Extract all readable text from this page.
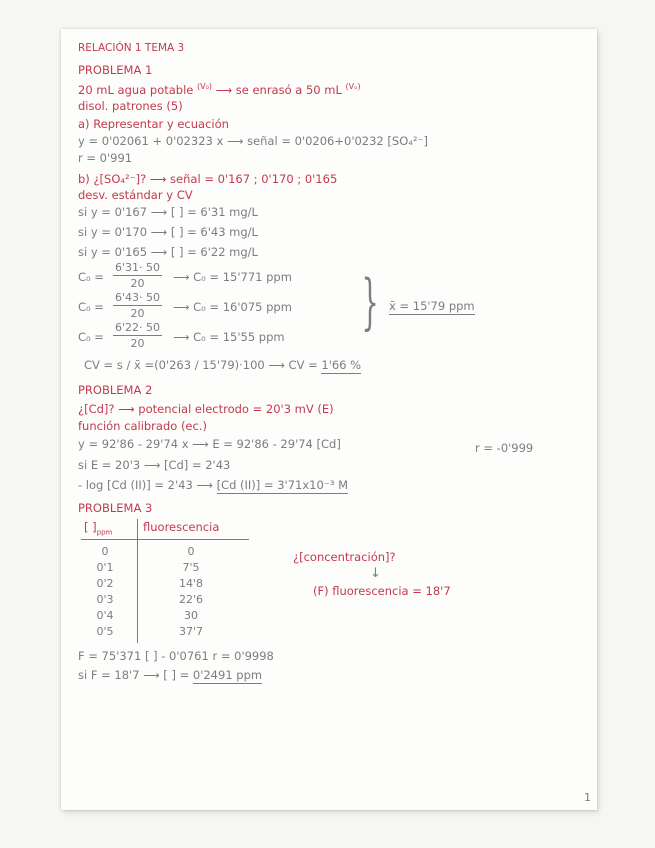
RELACIÓN 1 TEMA 3
PROBLEMA 1
20 mL agua potable $^{(V_0)}$ ⟶ se enrasó a 50 mL $^{(V_o)}$
disol. patrones (5)
a) Representar y ecuación
y = 0'02061 + 0'02323 x ⟶ señal = 0'0206+0'0232 [SO₄²⁻]
r = 0'991
b) ¿[SO₄²⁻]? ⟶ señal = 0'167 ; 0'170 ; 0'165
desv. estándar y CV
si y = 0'167 ⟶ [ ] = 6'31 mg/L
si y = 0'170 ⟶ [ ] = 6'43 mg/L
si y = 0'165 ⟶ [ ] = 6'22 mg/L
$C_0 = \frac{6'31\cdot 50}{20}$ ⟶ C₀ = 15'771 ppm
$C_0 = \frac{6'43\cdot 50}{20}$ ⟶ C₀ = 16'075 ppm
$C_0 = \frac{6'22\cdot 50}{20}$ ⟶ C₀ = 15'55 ppm } x̄ = 15'79 ppm
CV = s / x̄ =(0'263 / 15'79)·100 ⟶ CV = 1'66 %
PROBLEMA 2
¿[Cd]? ⟶ potencial electrodo = 20'3 mV (E)
función calibrado (ec.)
y = 92'86 - 29'74 x ⟶ E = 92'86 - 29'74 [Cd]	r = -0'999
si E = 20'3 ⟶ [Cd] = 2'43
- log [Cd (II)] = 2'43 ⟶ [Cd (II)] = 3'71x10⁻³ M
PROBLEMA 3
[ ]$_{ppm}$	fluorescencia
0	0
0'1	7'5
0'2	14'8
0'3	22'6
0'4	30
0'5	37'7
¿[concentración]?
↓
(F) fluorescencia = 18'7
F = 75'371 [ ] - 0'0761 r = 0'9998
si F = 18'7 ⟶ [ ] = 0'2491 ppm
1
